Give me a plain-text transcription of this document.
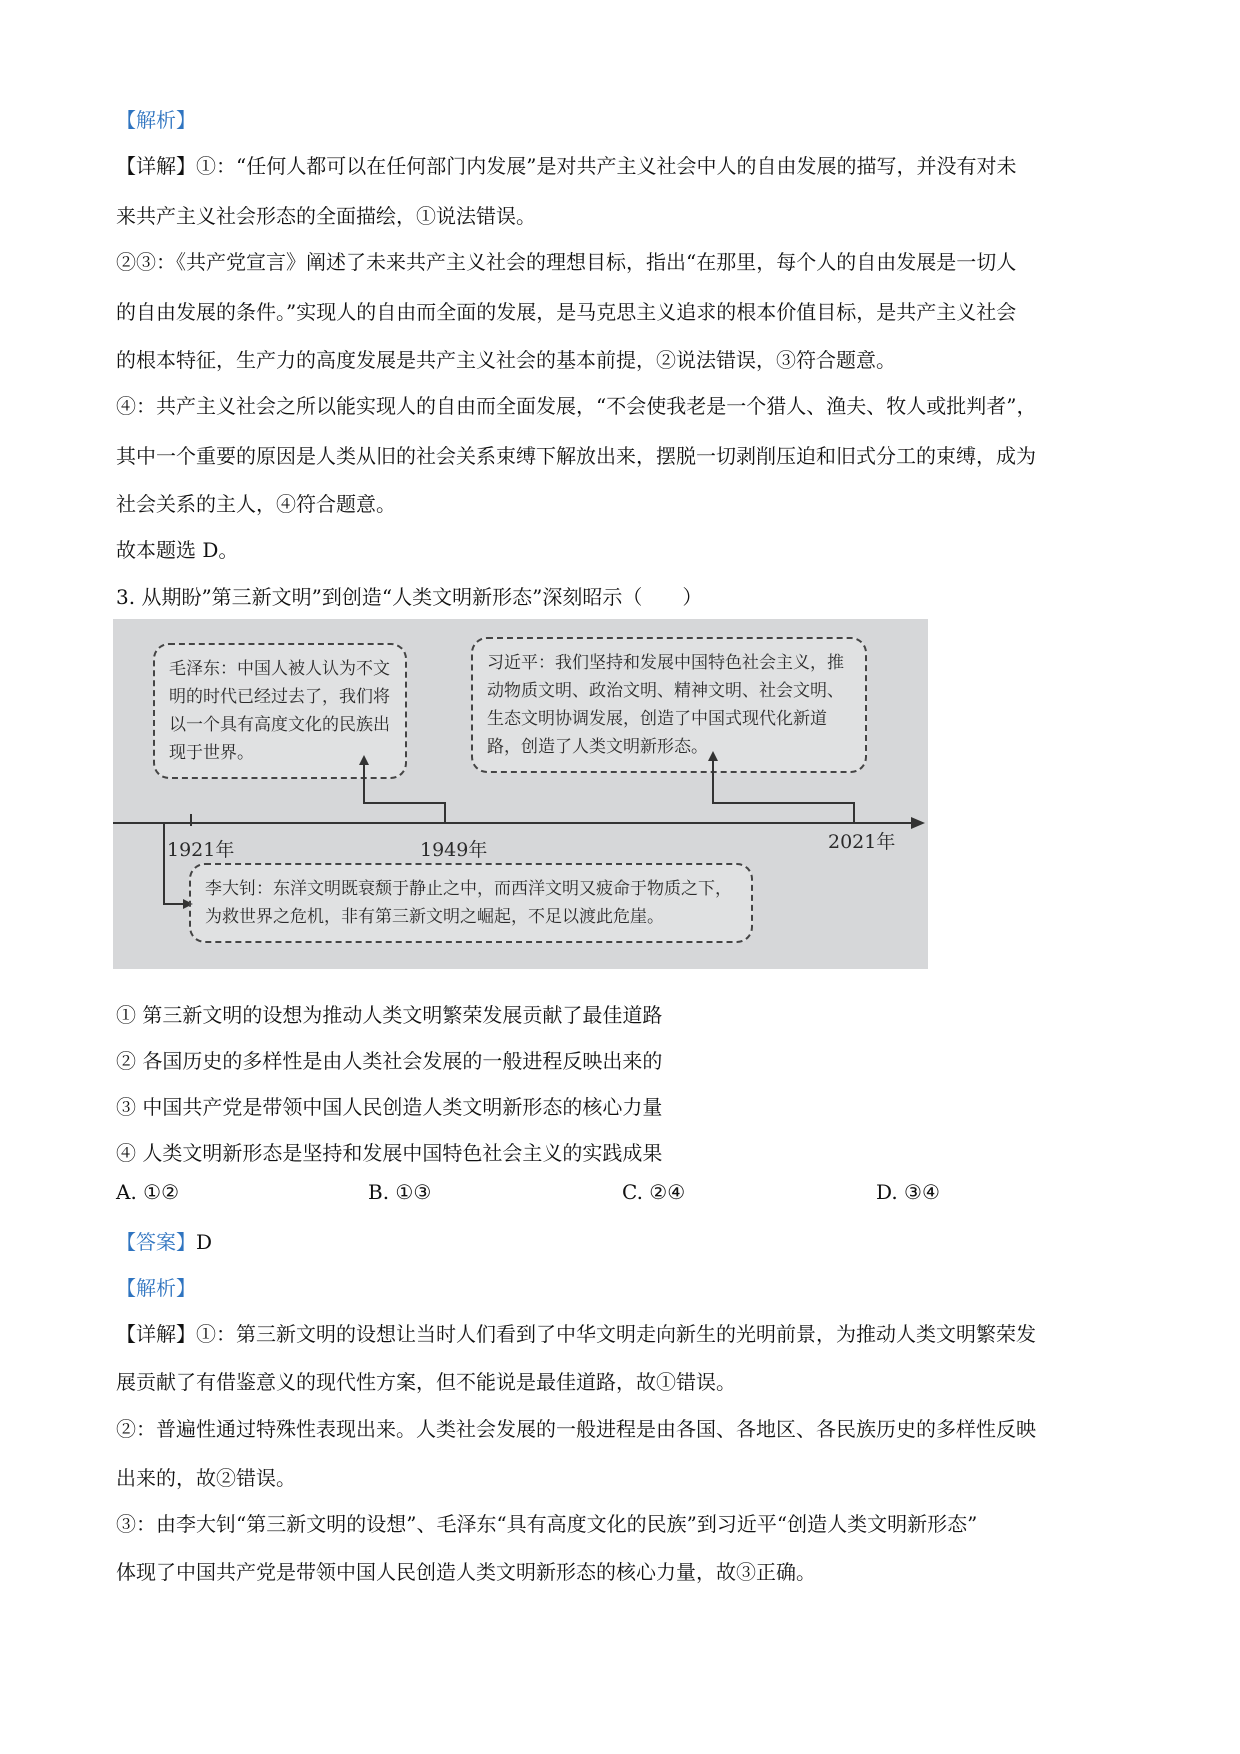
【解析】
【详解】①：“任何人都可以在任何部门内发展”是对共产主义社会中人的自由发展的描写，并没有对未
来共产主义社会形态的全面描绘，①说法错误。
②③：《共产党宣言》阐述了未来共产主义社会的理想目标，指出“在那里，每个人的自由发展是一切人
的自由发展的条件。”实现人的自由而全面的发展，是马克思主义追求的根本价值目标，是共产主义社会
的根本特征，生产力的高度发展是共产主义社会的基本前提，②说法错误，③符合题意。
④：共产主义社会之所以能实现人的自由而全面发展，“不会使我老是一个猎人、渔夫、牧人或批判者”，
其中一个重要的原因是人类从旧的社会关系束缚下解放出来，摆脱一切剥削压迫和旧式分工的束缚，成为
社会关系的主人，④符合题意。
故本题选 D。
3. 从期盼”第三新文明”到创造“人类文明新形态”深刻昭示（　　）
毛泽东：中国人被人认为不文明的时代已经过去了，我们将以一个具有高度文化的民族出现于世界。
习近平：我们坚持和发展中国特色社会主义，推动物质文明、政治文明、精神文明、社会文明、生态文明协调发展，创造了中国式现代化新道路，创造了人类文明新形态。
1921年	1949年	2021年
李大钊：东洋文明既衰颓于静止之中，而西洋文明又疲命于物质之下，为救世界之危机，非有第三新文明之崛起，不足以渡此危崖。
① 第三新文明的设想为推动人类文明繁荣发展贡献了最佳道路
② 各国历史的多样性是由人类社会发展的一般进程反映出来的
③ 中国共产党是带领中国人民创造人类文明新形态的核心力量
④ 人类文明新形态是坚持和发展中国特色社会主义的实践成果
A. ①②	B. ①③	C. ②④	D. ③④
【答案】D
【解析】
【详解】①：第三新文明的设想让当时人们看到了中华文明走向新生的光明前景，为推动人类文明繁荣发
展贡献了有借鉴意义的现代性方案，但不能说是最佳道路，故①错误。
②：普遍性通过特殊性表现出来。人类社会发展的一般进程是由各国、各地区、各民族历史的多样性反映
出来的，故②错误。
③：由李大钊“第三新文明的设想”、毛泽东“具有高度文化的民族”到习近平“创造人类文明新形态”
体现了中国共产党是带领中国人民创造人类文明新形态的核心力量，故③正确。
